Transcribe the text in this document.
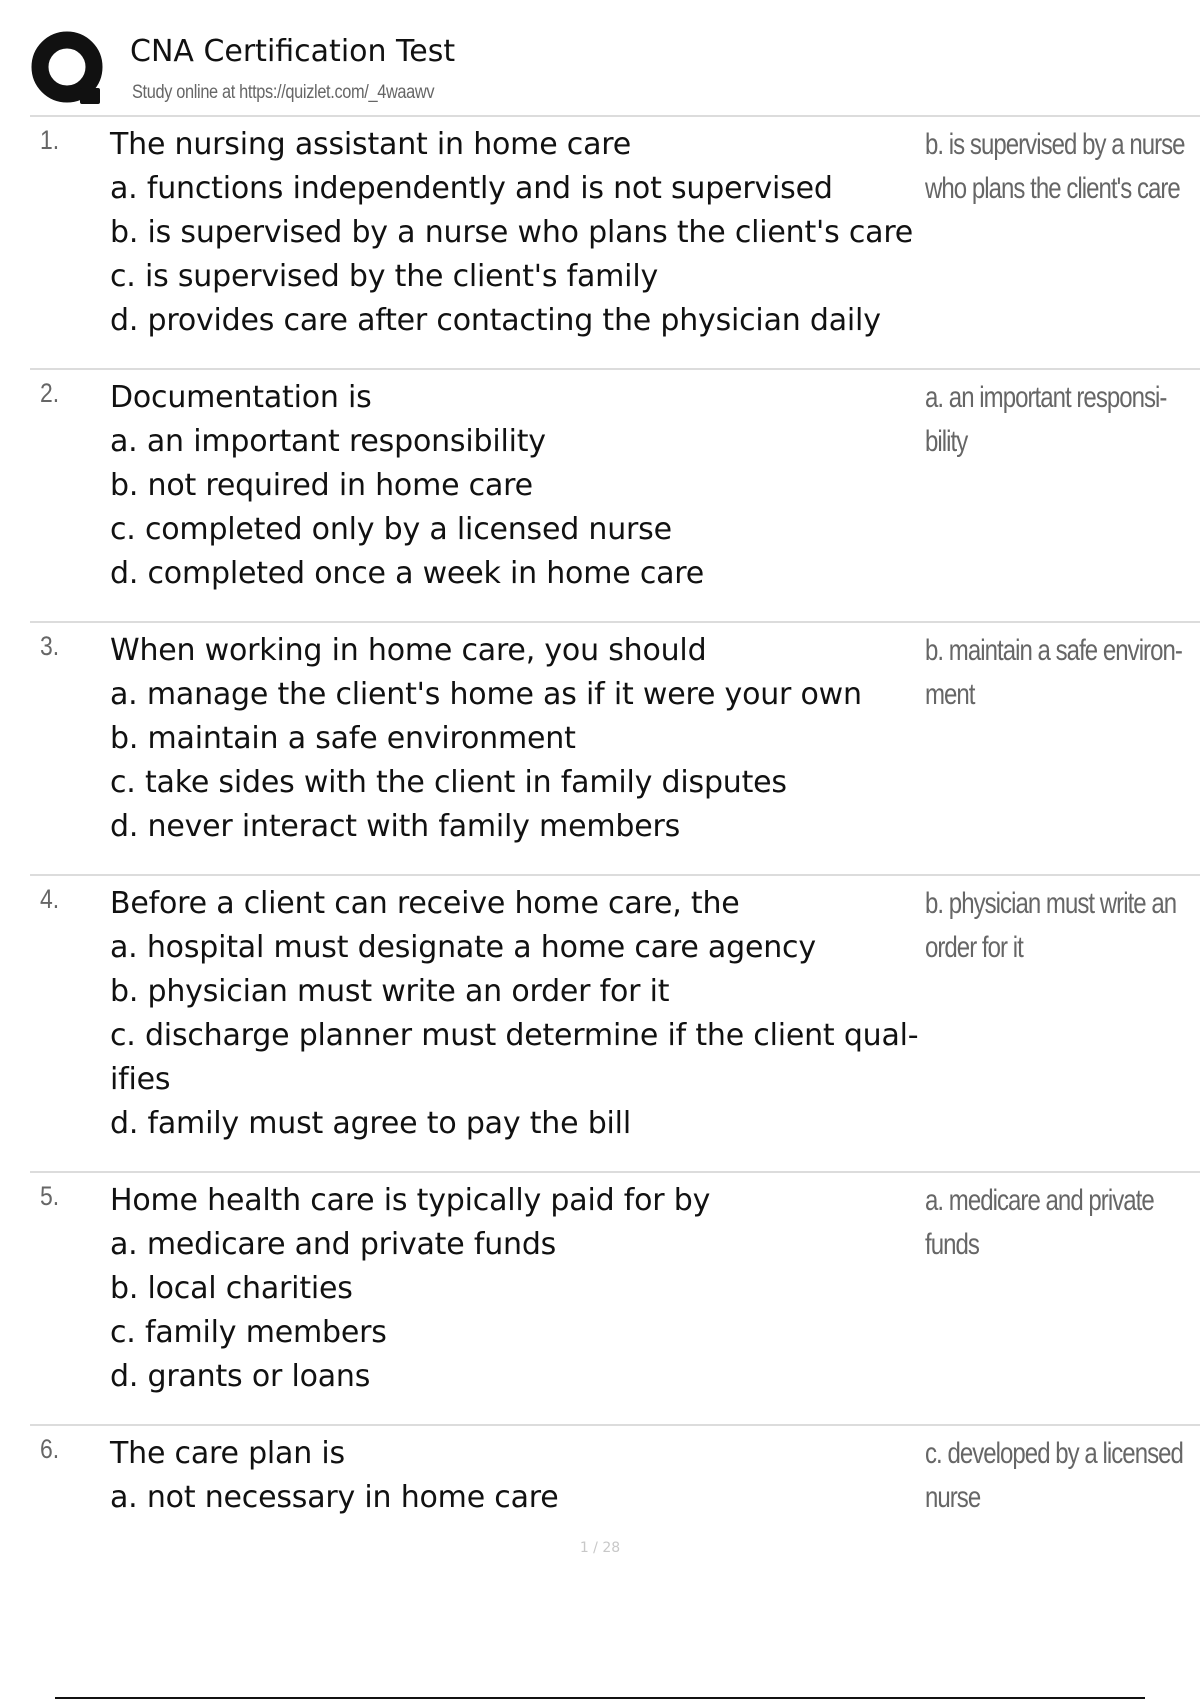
CNA Certification Test
Study online at https://quizlet.com/_4waawv
1. The nursing assistant in home care
a. functions independently and is not supervised
b. is supervised by a nurse who plans the client's care
c. is supervised by the client's family
d. provides care after contacting the physician daily
b. is supervised by a nurse
who plans the client's care
2. Documentation is
a. an important responsibility
b. not required in home care
c. completed only by a licensed nurse
d. completed once a week in home care
a. an important responsi-
bility
3. When working in home care, you should
a. manage the client's home as if it were your own
b. maintain a safe environment
c. take sides with the client in family disputes
d. never interact with family members
b. maintain a safe environ-
ment
4. Before a client can receive home care, the
a. hospital must designate a home care agency
b. physician must write an order for it
c. discharge planner must determine if the client qual-
ifies
d. family must agree to pay the bill
b. physician must write an
order for it
5. Home health care is typically paid for by
a. medicare and private funds
b. local charities
c. family members
d. grants or loans
a. medicare and private
funds
6. The care plan is
a. not necessary in home care
c. developed by a licensed
nurse
1 / 28
